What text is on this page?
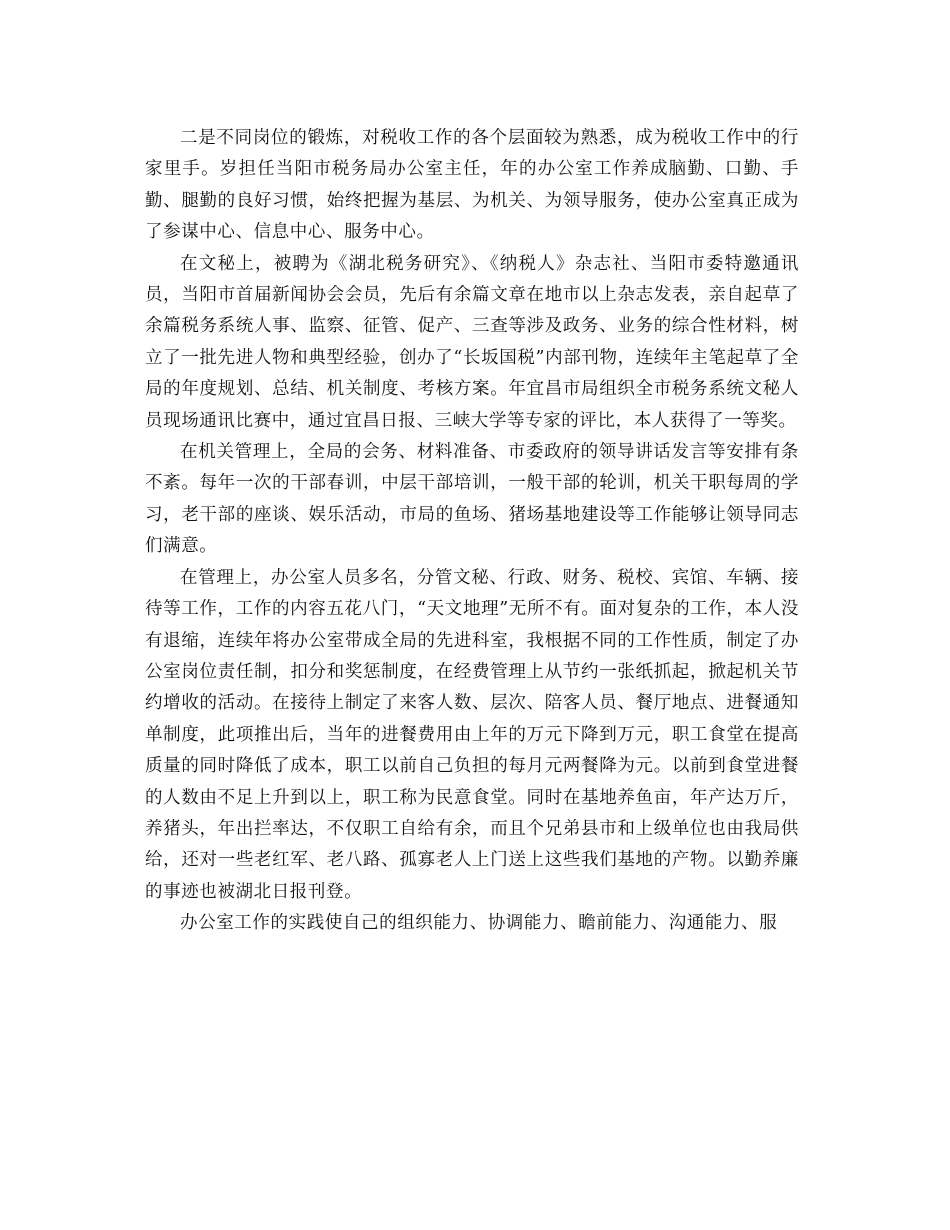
二是不同岗位的锻炼，对税收工作的各个层面较为熟悉，成为税收工作中的行家里手。岁担任当阳市税务局办公室主任，年的办公室工作养成脑勤、口勤、手勤、腿勤的良好习惯，始终把握为基层、为机关、为领导服务，使办公室真正成为了参谋中心、信息中心、服务中心。

在文秘上，被聘为《湖北税务研究》、《纳税人》杂志社、当阳市委特邀通讯员，当阳市首届新闻协会会员，先后有余篇文章在地市以上杂志发表，亲自起草了余篇税务系统人事、监察、征管、促产、三查等涉及政务、业务的综合性材料，树立了一批先进人物和典型经验，创办了“长坂国税”内部刊物，连续年主笔起草了全局的年度规划、总结、机关制度、考核方案。年宜昌市局组织全市税务系统文秘人员现场通讯比赛中，通过宜昌日报、三峡大学等专家的评比，本人获得了一等奖。

在机关管理上，全局的会务、材料准备、市委政府的领导讲话发言等安排有条不紊。每年一次的干部春训，中层干部培训，一般干部的轮训，机关干职每周的学习，老干部的座谈、娱乐活动，市局的鱼场、猪场基地建设等工作能够让领导同志们满意。

在管理上，办公室人员多名，分管文秘、行政、财务、税校、宾馆、车辆、接待等工作，工作的内容五花八门，“天文地理”无所不有。面对复杂的工作，本人没有退缩，连续年将办公室带成全局的先进科室，我根据不同的工作性质，制定了办公室岗位责任制，扣分和奖惩制度，在经费管理上从节约一张纸抓起，掀起机关节约增收的活动。在接待上制定了来客人数、层次、陪客人员、餐厅地点、进餐通知单制度，此项推出后，当年的进餐费用由上年的万元下降到万元，职工食堂在提高质量的同时降低了成本，职工以前自己负担的每月元两餐降为元。以前到食堂进餐的人数由不足上升到以上，职工称为民意食堂。同时在基地养鱼亩，年产达万斤，养猪头，年出拦率达，不仅职工自给有余，而且个兄弟县市和上级单位也由我局供给，还对一些老红军、老八路、孤寡老人上门送上这些我们基地的产物。以勤养廉的事迹也被湖北日报刊登。

办公室工作的实践使自己的组织能力、协调能力、瞻前能力、沟通能力、服
